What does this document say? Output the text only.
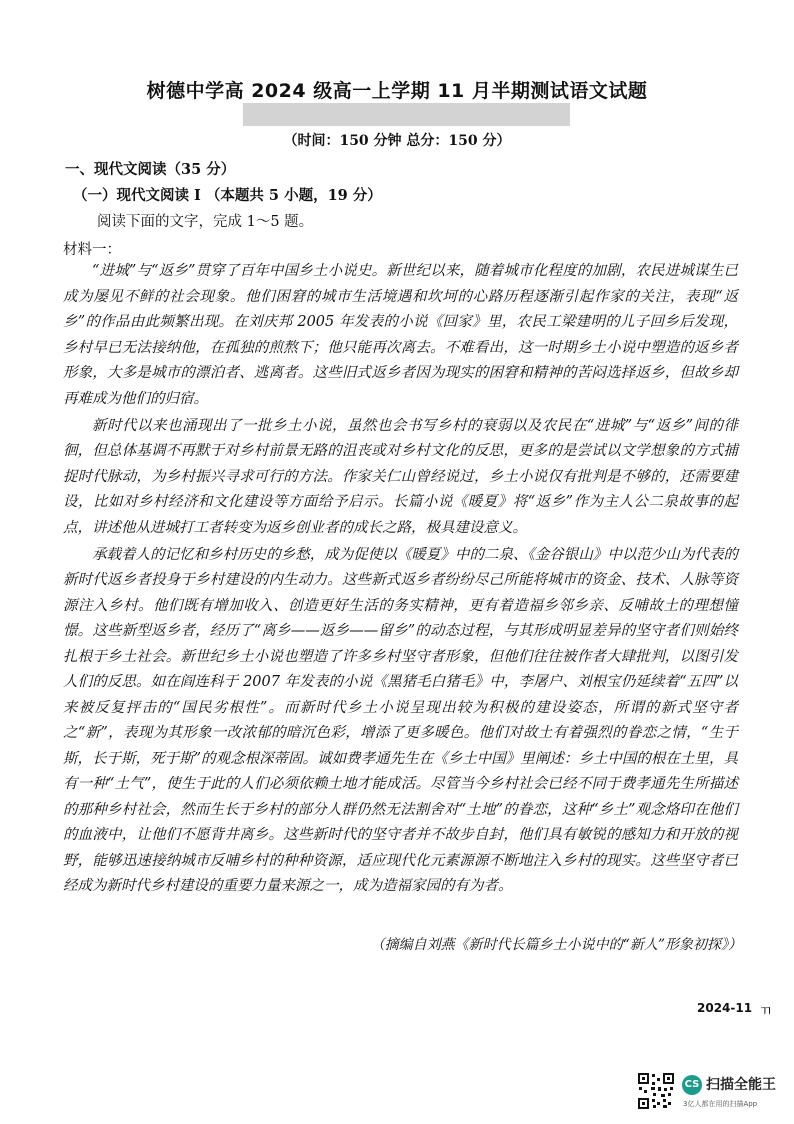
树德中学高 2024 级高一上学期 11 月半期测试语文试题
（时间：150 分钟 总分：150 分）
一、现代文阅读（35 分）
（一）现代文阅读 I （本题共 5 小题，19 分）
阅读下面的文字，完成 1～5 题。
材料一：

“进城”与“返乡”贯穿了百年中国乡土小说史。新世纪以来，随着城市化程度的加剧，农民进城谋生已成为屡见不鲜的社会现象。他们困窘的城市生活境遇和坎坷的心路历程逐渐引起作家的关注，表现“返乡”的作品由此频繁出现。在刘庆邦 2005 年发表的小说《回家》里，农民工梁建明的儿子回乡后发现，乡村早已无法接纳他，在孤独的煎熬下；他只能再次离去。不难看出，这一时期乡土小说中塑造的返乡者形象，大多是城市的漂泊者、逃离者。这些旧式返乡者因为现实的困窘和精神的苦闷选择返乡，但故乡却再难成为他们的归宿。

新时代以来也涌现出了一批乡土小说，虽然也会书写乡村的衰弱以及农民在“进城”与“返乡”间的徘徊，但总体基调不再默于对乡村前景无路的沮丧或对乡村文化的反思，更多的是尝试以文学想象的方式捕捉时代脉动，为乡村振兴寻求可行的方法。作家关仁山曾经说过，乡土小说仅有批判是不够的，还需要建设，比如对乡村经济和文化建设等方面给予启示。长篇小说《暖夏》将“返乡”作为主人公二泉故事的起点，讲述他从进城打工者转变为返乡创业者的成长之路，极具建设意义。

承载着人的记忆和乡村历史的乡愁，成为促使以《暖夏》中的二泉、《金谷银山》中以范少山为代表的新时代返乡者投身于乡村建设的内生动力。这些新式返乡者纷纷尽己所能将城市的资金、技术、人脉等资源注入乡村。他们既有增加收入、创造更好生活的务实精神，更有着造福乡邻乡亲、反哺故土的理想憧憬。这些新型返乡者，经历了“离乡——返乡——留乡”的动态过程，与其形成明显差异的坚守者们则始终扎根于乡土社会。新世纪乡土小说也塑造了许多乡村坚守者形象，但他们往往被作者大肆批判，以图引发人们的反思。如在阎连科于 2007 年发表的小说《黑猪毛白猪毛》中，李屠户、刘根宝仍延续着“五四”以来被反复抨击的“国民劣根性”。而新时代乡土小说呈现出较为积极的建设姿态，所谓的新式坚守者之“新”，表现为其形象一改浓郁的暗沉色彩，增添了更多暖色。他们对故土有着强烈的眷恋之情，“生于斯，长于斯，死于斯”的观念根深蒂固。诚如费孝通先生在《乡土中国》里阐述：乡土中国的根在土里，具有一种“土气”，使生于此的人们必须依赖土地才能成活。尽管当今乡村社会已经不同于费孝通先生所描述的那种乡村社会，然而生长于乡村的部分人群仍然无法割舍对“土地”的眷恋，这种“乡土”观念烙印在他们的血液中，让他们不愿背井离乡。这些新时代的坚守者并不故步自封，他们具有敏锐的感知力和开放的视野，能够迅速接纳城市反哺乡村的种种资源，适应现代化元素源源不断地注入乡村的现实。这些坚守者已经成为新时代乡村建设的重要力量来源之一，成为造福家园的有为者。

（摘编自刘燕《新时代长篇乡土小说中的“新人”形象初探》）
2024-11 ㄲ
CS 扫描全能王
3亿人都在用的扫描App
